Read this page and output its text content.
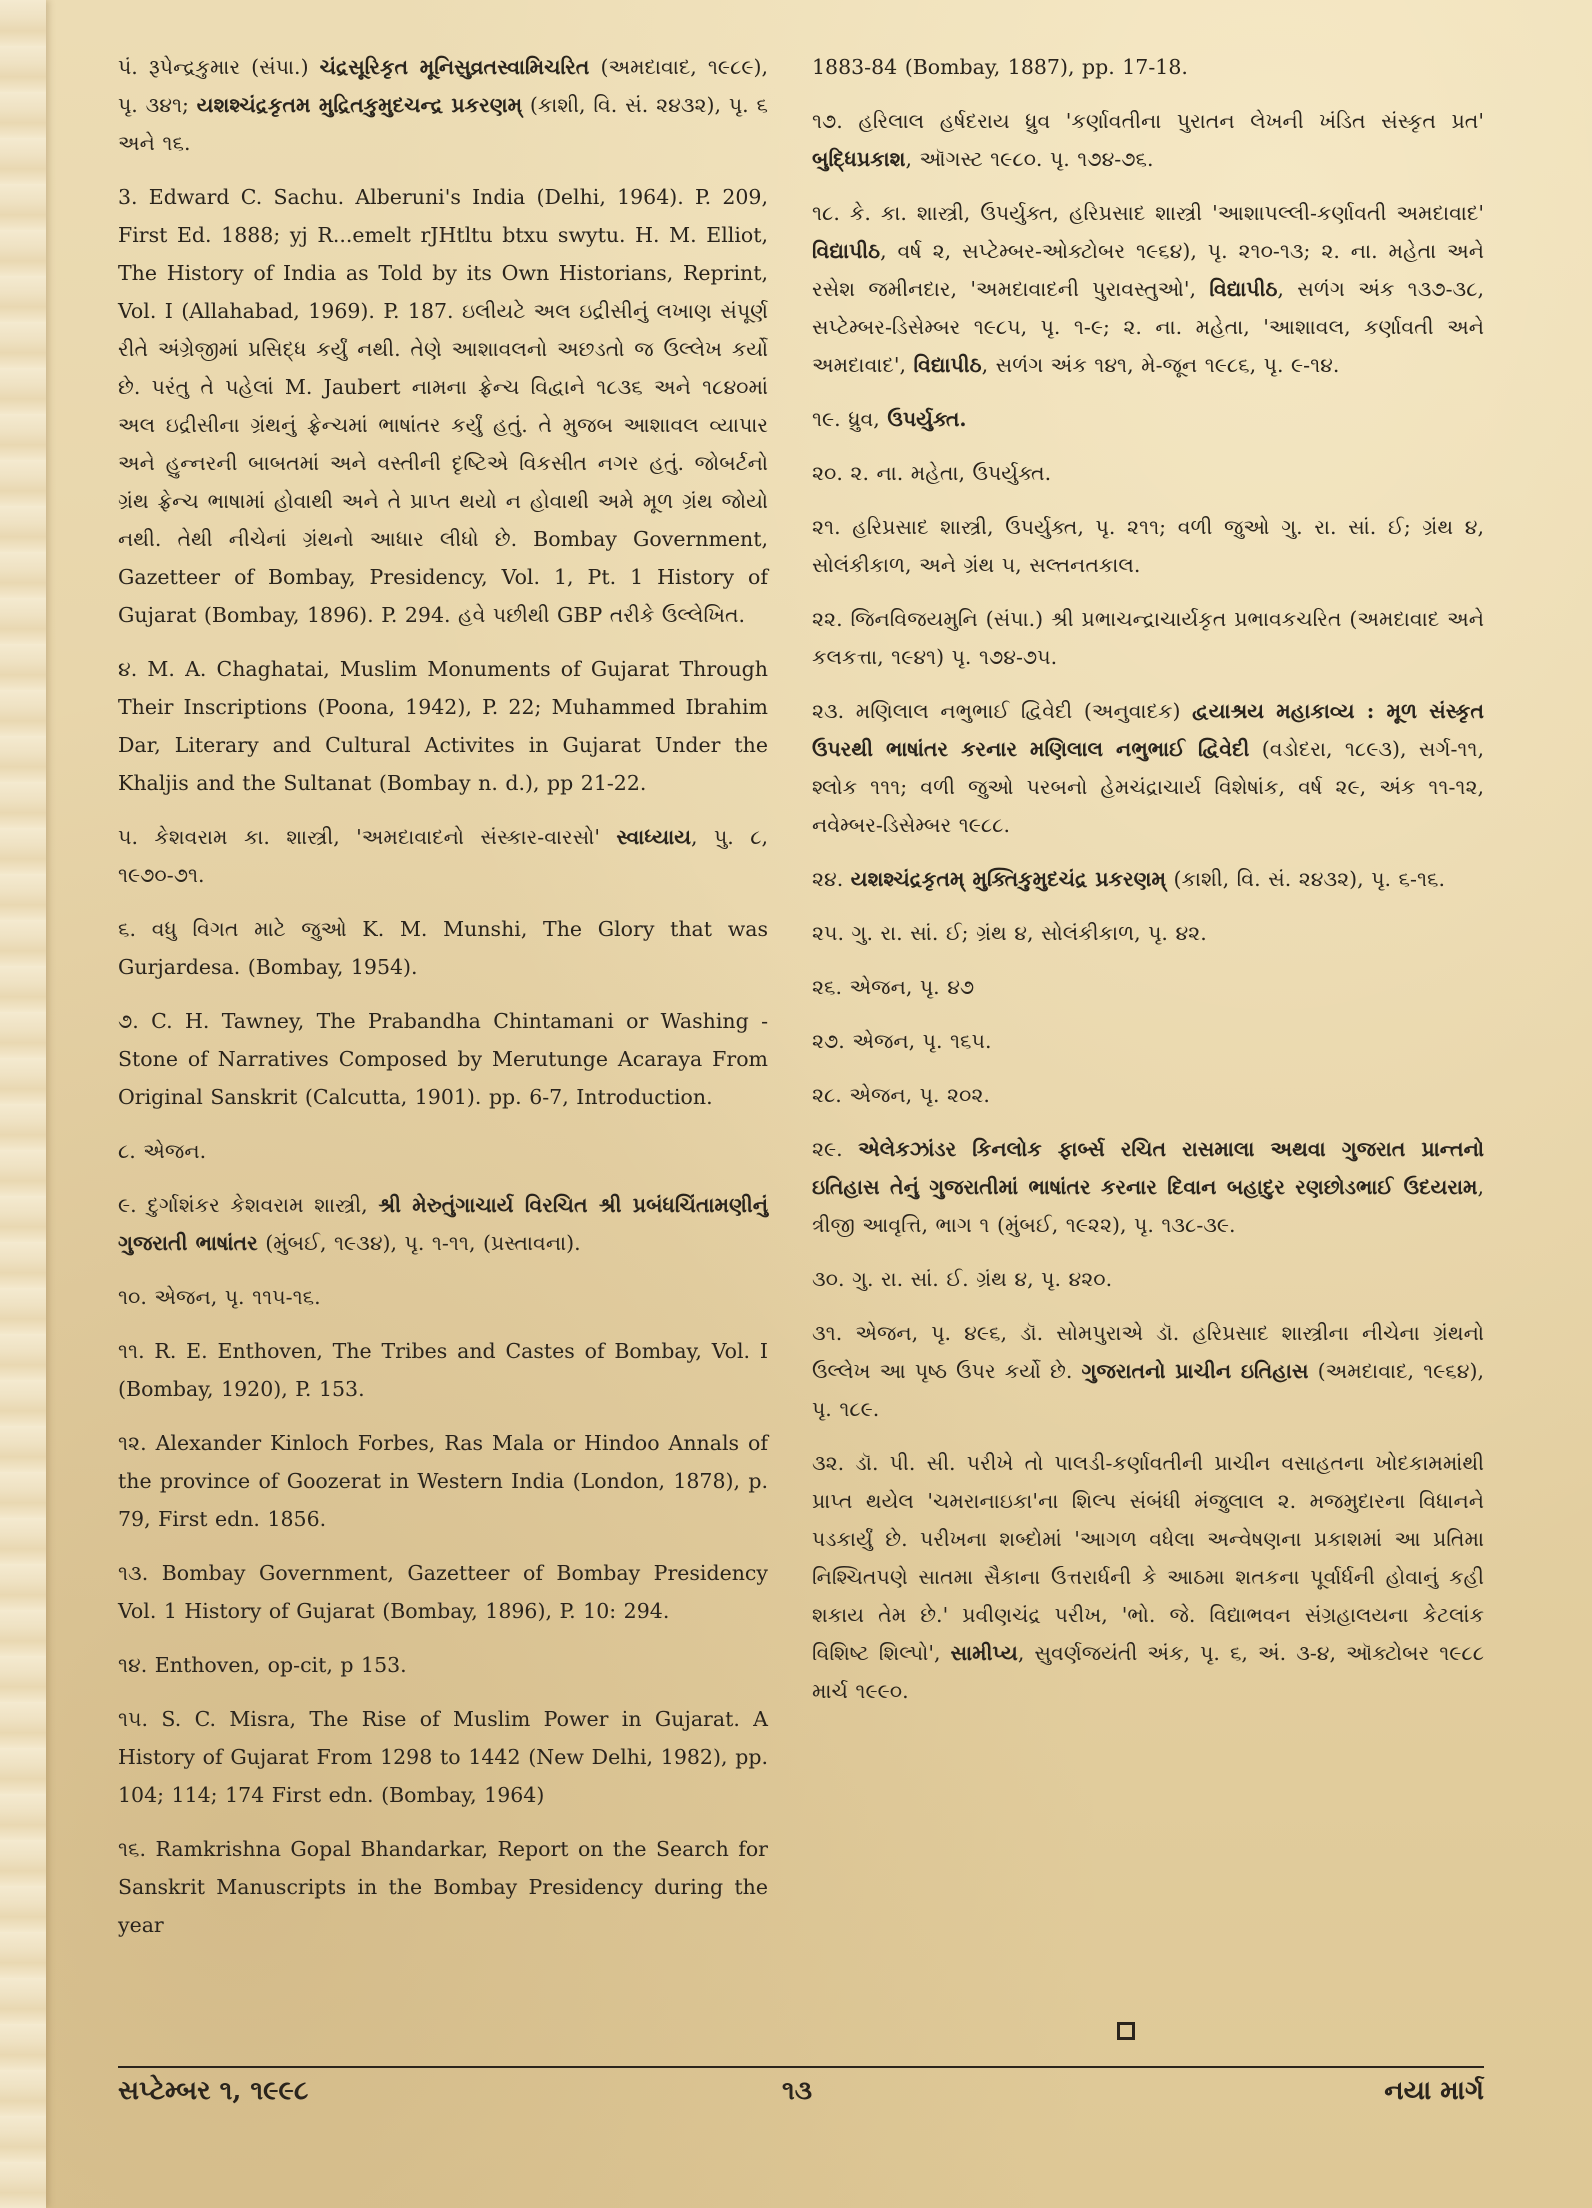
પં. રૂપેન્દ્રકુમાર (સંપા.) ચંદ્રસૂરિકૃત મૂનિસુવ્રતસ્વામિચરિત (અમદાવાદ, ૧૯૮૯), પૃ. ૩૪૧; યશશ્ચંદ્રકૃતમ મુદ્રિતકુમુદચન્દ્ર પ્રકરણમ્ (કાશી, વિ. સં. ૨૪૩૨), પૃ. ૬ અને ૧૬.

3. Edward C. Sachu. Alberuni's India (Delhi, 1964). P. 209, First Ed. 1888; yj R...emelt rJHtltu btxu swytu. H. M. Elliot, The History of India as Told by its Own Historians, Reprint, Vol. I (Allahabad, 1969). P. 187. ઇલીયટે અલ ઇદ્રીસીનું લખાણ સંપૂર્ણ રીતે અંગ્રેજીમાં પ્રસિદ્ધ કર્યું નથી. તેણે આશાવલનો અછડતો જ ઉલ્લેખ કર્યો છે. પરંતુ તે પહેલાં M. Jaubert નામના ફ્રેન્ચ વિદ્વાને ૧૮૩૬ અને ૧૮૪૦માં અલ ઇદ્રીસીના ગ્રંથનું ફ્રેન્ચમાં ભાષાંતર કર્યું હતું. તે મુજબ આશાવલ વ્યાપાર અને હુન્નરની બાબતમાં અને વસ્તીની દૃષ્ટિએ વિકસીત નગર હતું. જોબર્ટનો ગ્રંથ ફ્રેન્ચ ભાષામાં હોવાથી અને તે પ્રાપ્ત થયો ન હોવાથી અમે મૂળ ગ્રંથ જોયો નથી. તેથી નીચેનાં ગ્રંથનો આધાર લીધો છે. Bombay Government, Gazetteer of Bombay, Presidency, Vol. 1, Pt. 1 History of Gujarat (Bombay, 1896). P. 294. હવે પછીથી GBP તરીકે ઉલ્લેખિત.

૪. M. A. Chaghatai, Muslim Monuments of Gujarat Through Their Inscriptions (Poona, 1942), P. 22; Muhammed Ibrahim Dar, Literary and Cultural Activites in Gujarat Under the Khaljis and the Sultanat (Bombay n. d.), pp 21-22.

૫. કેશવરામ કા. શાસ્ત્રી, 'અમદાવાદનો સંસ્કાર-વારસો' સ્વાધ્યાય, પુ. ૮, ૧૯૭૦-૭૧.

૬. વધુ વિગત માટે જુઓ K. M. Munshi, The Glory that was Gurjardesa. (Bombay, 1954).

૭. C. H. Tawney, The Prabandha Chintamani or Washing - Stone of Narratives Composed by Merutunge Acaraya From Original Sanskrit (Calcutta, 1901). pp. 6-7, Introduction.

૮. એજન.

૯. દુર્ગાશંકર કેશવરામ શાસ્ત્રી, શ્રી મેરુતુંગાચાર્ય વિરચિત શ્રી પ્રબંધચિંતામણીનું ગુજરાતી ભાષાંતર (મુંબઈ, ૧૯૩૪), પૃ. ૧-૧૧, (પ્રસ્તાવના).

૧૦. એજન, પૃ. ૧૧૫-૧૬.

૧૧. R. E. Enthoven, The Tribes and Castes of Bombay, Vol. I (Bombay, 1920), P. 153.

૧૨. Alexander Kinloch Forbes, Ras Mala or Hindoo Annals of the province of Goozerat in Western India (London, 1878), p. 79, First edn. 1856.

૧૩. Bombay Government, Gazetteer of Bombay Presidency Vol. 1 History of Gujarat (Bombay, 1896), P. 10: 294.

૧૪. Enthoven, op-cit, p 153.

૧૫. S. C. Misra, The Rise of Muslim Power in Gujarat. A History of Gujarat From 1298 to 1442 (New Delhi, 1982), pp. 104; 114; 174 First edn. (Bombay, 1964)

૧૬. Ramkrishna Gopal Bhandarkar, Report on the Search for Sanskrit Manuscripts in the Bombay Presidency during the year

1883-84 (Bombay, 1887), pp. 17-18.

૧૭. હરિલાલ હર્ષદરાય ધ્રુવ 'કર્ણાવતીના પુરાતન લેખની ખંડિત સંસ્કૃત પ્રત' બુદ્ધિપ્રકાશ, ઑગસ્ટ ૧૯૮૦. પૃ. ૧૭૪-૭૬.

૧૮. કે. કા. શાસ્ત્રી, ઉપર્યુક્ત, હરિપ્રસાદ શાસ્ત્રી 'આશાપલ્લી-કર્ણાવતી અમદાવાદ' વિદ્યાપીઠ, વર્ષ ૨, સપ્ટેમ્બર-ઓક્ટોબર ૧૯૬૪), પૃ. ૨૧૦-૧૩; ૨. ના. મહેતા અને રસેશ જમીનદાર, 'અમદાવાદની પુરાવસ્તુઓ', વિદ્યાપીઠ, સળંગ અંક ૧૩૭-૩૮, સપ્ટેમ્બર-ડિસેમ્બર ૧૯૮૫, પૃ. ૧-૯; ૨. ના. મહેતા, 'આશાવલ, કર્ણાવતી અને અમદાવાદ', વિદ્યાપીઠ, સળંગ અંક ૧૪૧, મે-જૂન ૧૯૮૬, પૃ. ૯-૧૪.

૧૯. ધ્રુવ, ઉપર્યુક્ત.

૨૦. ૨. ના. મહેતા, ઉપર્યુક્ત.

૨૧. હરિપ્રસાદ શાસ્ત્રી, ઉપર્યુક્ત, પૃ. ૨૧૧; વળી જુઓ ગુ. રા. સાં. ઈ; ગ્રંથ ૪, સોલંકીકાળ, અને ગ્રંથ ૫, સલ્તનતકાલ.

૨૨. જિનવિજયમુનિ (સંપા.) શ્રી પ્રભાચન્દ્રાચાર્યકૃત પ્રભાવકચરિત (અમદાવાદ અને કલકત્તા, ૧૯૪૧) પૃ. ૧૭૪-૭૫.

૨૩. મણિલાલ નભુભાઈ દ્વિવેદી (અનુવાદક) દ્વયાશ્રય મહાકાવ્ય : મૂળ સંસ્કૃત ઉપરથી ભાષાંતર કરનાર મણિલાલ નભુભાઈ દ્વિવેદી (વડોદરા, ૧૮૯૩), સર્ગ-૧૧, શ્લોક ૧૧૧; વળી જુઓ પરબનો હેમચંદ્રાચાર્ય વિશેષાંક, વર્ષ ૨૯, અંક ૧૧-૧૨, નવેમ્બર-ડિસેમ્બર ૧૯૮૮.

૨૪. યશશ્ચંદ્રકૃતમ્ મુક્તિકુમુદચંદ્ર પ્રકરણમ્ (કાશી, વિ. સં. ૨૪૩૨), પૃ. ૬-૧૬.

૨૫. ગુ. રા. સાં. ઈ; ગ્રંથ ૪, સોલંકીકાળ, પૃ. ૪૨.

૨૬. એજન, પૃ. ૪૭

૨૭. એજન, પૃ. ૧૬૫.

૨૮. એજન, પૃ. ૨૦૨.

૨૯. એલેકઝાંડર કિનલોક ફાર્બ્સ રચિત રાસમાલા અથવા ગુજરાત પ્રાન્તનો ઇતિહાસ તેનું ગુજરાતીમાં ભાષાંતર કરનાર દિવાન બહાદુર રણછોડભાઈ ઉદયરામ, ત્રીજી આવૃત્તિ, ભાગ ૧ (મુંબઈ, ૧૯૨૨), પૃ. ૧૩૮-૩૯.

૩૦. ગુ. રા. સાં. ઈ. ગ્રંથ ૪, પૃ. ૪૨૦.

૩૧. એજન, પૃ. ૪૯૬, ડૉ. સોમપુરાએ ડૉ. હરિપ્રસાદ શાસ્ત્રીના નીચેના ગ્રંથનો ઉલ્લેખ આ પૃષ્ઠ ઉપર કર્યો છે. ગુજરાતનો પ્રાચીન ઇતિહાસ (અમદાવાદ, ૧૯૬૪), પૃ. ૧૮૯.

૩૨. ડૉ. પી. સી. પરીખે તો પાલડી-કર્ણાવતીની પ્રાચીન વસાહતના ખોદકામમાંથી પ્રાપ્ત થયેલ 'ચમરાનાઇકા'ના શિલ્પ સંબંધી મંજુલાલ ૨. મજમુદારના વિધાનને પડકાર્યું છે. પરીખના શબ્દોમાં 'આગળ વધેલા અન્વેષણના પ્રકાશમાં આ પ્રતિમા નિશ્ચિતપણે સાતમા સૈકાના ઉત્તરાર્ધની કે આઠમા શતકના પૂર્વાર્ધની હોવાનું કહી શકાય તેમ છે.' પ્રવીણચંદ્ર પરીખ, 'ભો. જે. વિદ્યાભવન સંગ્રહાલયના કેટલાંક વિશિષ્ટ શિલ્પો', સામીપ્ય, સુવર્ણજયંતી અંક, પૃ. ૬, અં. ૩-૪, ઑક્ટોબર ૧૯૮૮ માર્ચ ૧૯૯૦.

સપ્ટેમ્બર ૧, ૧૯૯૮	૧૩	નયા માર્ગ
